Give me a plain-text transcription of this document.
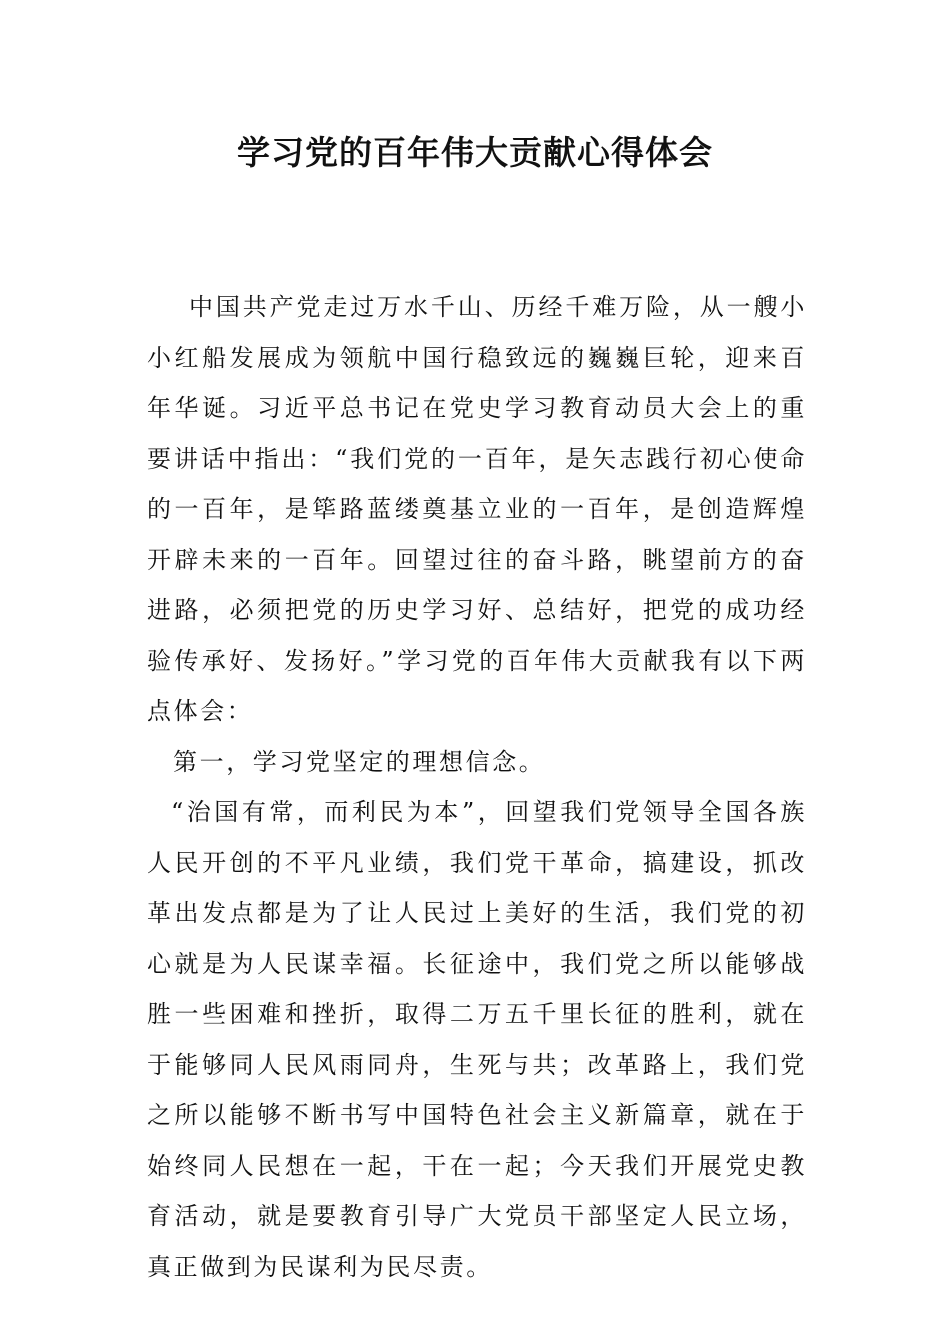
学习党的百年伟大贡献心得体会

中国共产党走过万水千山、历经千难万险，从一艘小小红船发展成为领航中国行稳致远的巍巍巨轮，迎来百年华诞。习近平总书记在党史学习教育动员大会上的重要讲话中指出：“我们党的一百年，是矢志践行初心使命的一百年，是筚路蓝缕奠基立业的一百年，是创造辉煌开辟未来的一百年。回望过往的奋斗路，眺望前方的奋进路，必须把党的历史学习好、总结好，把党的成功经验传承好、发扬好。”学习党的百年伟大贡献我有以下两点体会：

第一，学习党坚定的理想信念。

“治国有常，而利民为本”，回望我们党领导全国各族人民开创的不平凡业绩，我们党干革命，搞建设，抓改革出发点都是为了让人民过上美好的生活，我们党的初心就是为人民谋幸福。长征途中，我们党之所以能够战胜一些困难和挫折，取得二万五千里长征的胜利，就在于能够同人民风雨同舟，生死与共；改革路上，我们党之所以能够不断书写中国特色社会主义新篇章，就在于始终同人民想在一起，干在一起；今天我们开展党史教育活动，就是要教育引导广大党员干部坚定人民立场，真正做到为民谋利为民尽责。
